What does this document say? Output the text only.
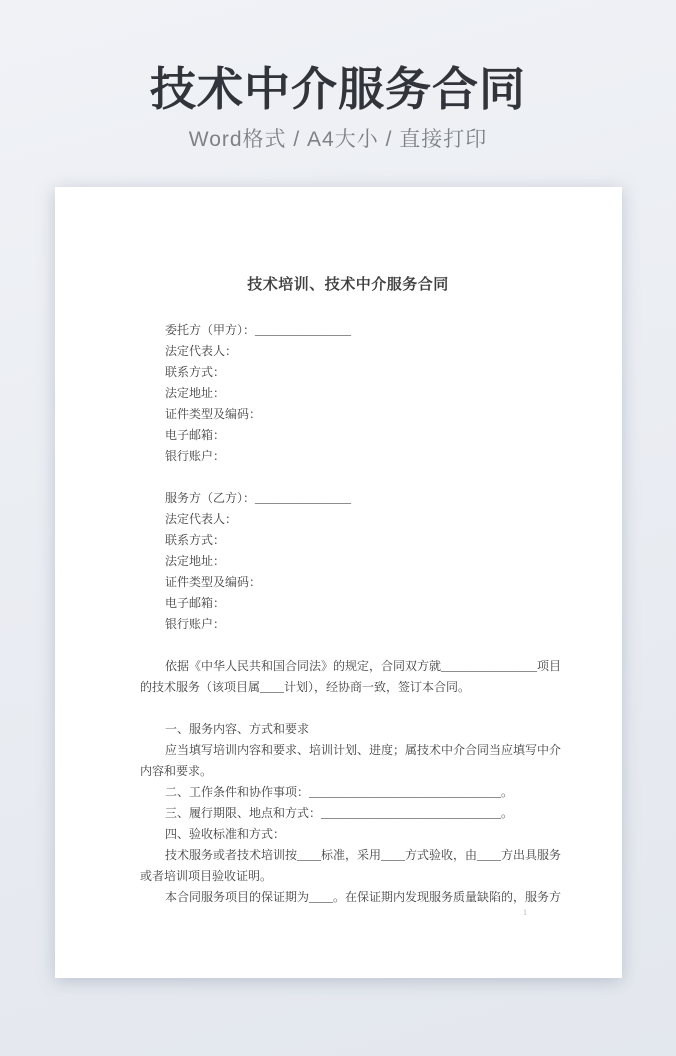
技术中介服务合同
Word格式 / A4大小 / 直接打印
技术培训、技术中介服务合同
委托方（甲方）：________________
法定代表人：
联系方式：
法定地址：
证件类型及编码：
电子邮箱：
银行账户：
服务方（乙方）：________________
法定代表人：
联系方式：
法定地址：
证件类型及编码：
电子邮箱：
银行账户：
依据《中华人民共和国合同法》的规定，合同双方就________________项目
的技术服务（该项目属____计划），经协商一致，签订本合同。
一、服务内容、方式和要求
应当填写培训内容和要求、培训计划、进度；属技术中介合同当应填写中介
内容和要求。
二、工作条件和协作事项：________________________________。
三、履行期限、地点和方式：______________________________。
四、验收标准和方式：
技术服务或者技术培训按____标准，采用____方式验收，由____方出具服务
或者培训项目验收证明。
本合同服务项目的保证期为____。在保证期内发现服务质量缺陷的，服务方
1
